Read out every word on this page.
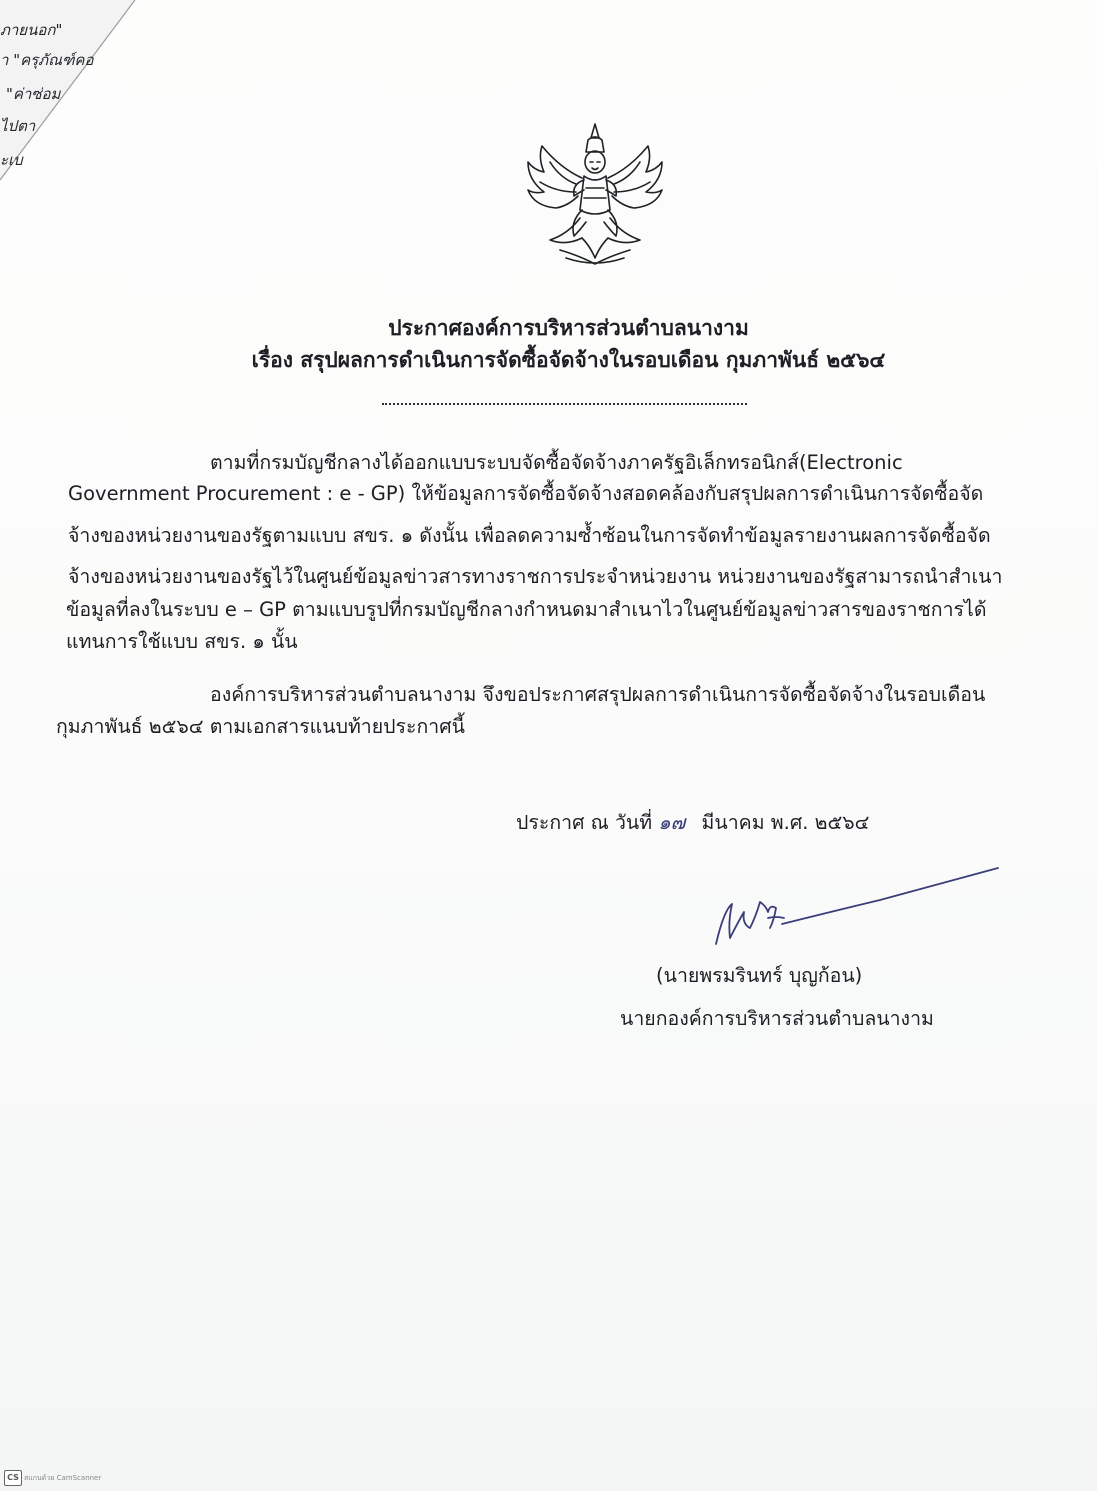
ภายนอก"
า "ครุภัณฑ์คอ
"ค่าซ่อม
ไปตา
ะเบ
ประกาศองค์การบริหารส่วนตำบลนางาม
เรื่อง สรุปผลการดำเนินการจัดซื้อจัดจ้างในรอบเดือน กุมภาพันธ์ ๒๕๖๔
ตามที่กรมบัญชีกลางได้ออกแบบระบบจัดซื้อจัดจ้างภาครัฐอิเล็กทรอนิกส์(Electronic
Government Procurement : e - GP) ให้ข้อมูลการจัดซื้อจัดจ้างสอดคล้องกับสรุปผลการดำเนินการจัดซื้อจัด
จ้างของหน่วยงานของรัฐตามแบบ สขร. ๑ ดังนั้น เพื่อลดความซ้ำซ้อนในการจัดทำข้อมูลรายงานผลการจัดซื้อจัด
จ้างของหน่วยงานของรัฐไว้ในศูนย์ข้อมูลข่าวสารทางราชการประจำหน่วยงาน หน่วยงานของรัฐสามารถนำสำเนา
ข้อมูลที่ลงในระบบ e – GP ตามแบบรูปที่กรมบัญชีกลางกำหนดมาสำเนาไวในศูนย์ข้อมูลข่าวสารของราชการได้
แทนการใช้แบบ สขร. ๑ นั้น
องค์การบริหารส่วนตำบลนางาม จึงขอประกาศสรุปผลการดำเนินการจัดซื้อจัดจ้างในรอบเดือน
กุมภาพันธ์ ๒๕๖๔ ตามเอกสารแนบท้ายประกาศนี้
ประกาศ ณ วันที่ ๑๗ มีนาคม พ.ศ. ๒๕๖๔
(นายพรมรินทร์ บุญก้อน)
นายกองค์การบริหารส่วนตำบลนางาม
CS สแกนด้วย CamScanner
